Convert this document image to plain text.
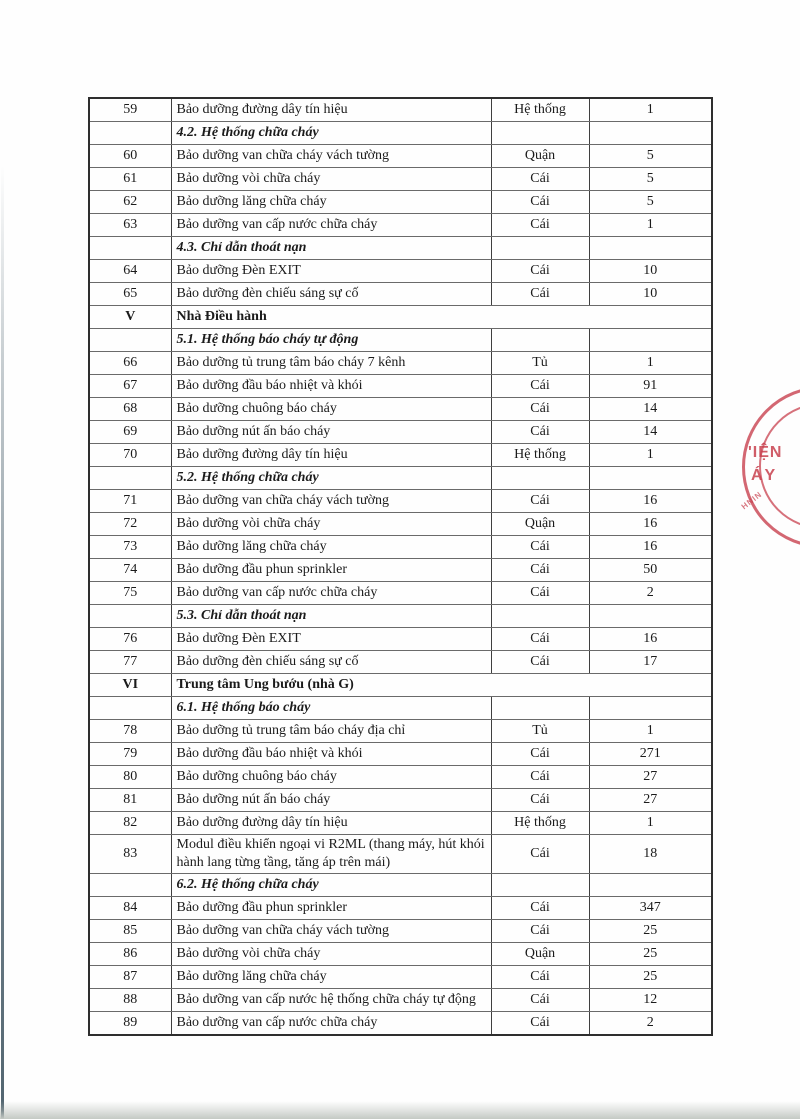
59	Bảo dưỡng đường dây tín hiệu	Hệ thống	1
	4.2. Hệ thống chữa cháy		
60	Bảo dưỡng van chữa cháy vách tường	Quận	5
61	Bảo dưỡng vòi chữa cháy	Cái	5
62	Bảo dưỡng lăng chữa cháy	Cái	5
63	Bảo dưỡng van cấp nước chữa cháy	Cái	1
	4.3. Chỉ dẫn thoát nạn		
64	Bảo dưỡng Đèn EXIT	Cái	10
65	Bảo dưỡng đèn chiếu sáng sự cố	Cái	10
V	Nhà Điều hành		
	5.1. Hệ thống báo cháy tự động		
66	Bảo dưỡng tủ trung tâm báo cháy 7 kênh	Tủ	1
67	Bảo dưỡng đầu báo nhiệt và khói	Cái	91
68	Bảo dưỡng chuông báo cháy	Cái	14
69	Bảo dưỡng nút ấn báo cháy	Cái	14
70	Bảo dưỡng đường dây tín hiệu	Hệ thống	1
	5.2. Hệ thống chữa cháy		
71	Bảo dưỡng van chữa cháy vách tường	Cái	16
72	Bảo dưỡng vòi chữa cháy	Quận	16
73	Bảo dưỡng lăng chữa cháy	Cái	16
74	Bảo dưỡng đầu phun sprinkler	Cái	50
75	Bảo dưỡng van cấp nước chữa cháy	Cái	2
	5.3. Chỉ dẫn thoát nạn		
76	Bảo dưỡng Đèn EXIT	Cái	16
77	Bảo dưỡng đèn chiếu sáng sự cố	Cái	17
VI	Trung tâm Ung bướu (nhà G)		
	6.1. Hệ thống báo cháy		
78	Bảo dưỡng tủ trung tâm báo cháy địa chỉ	Tủ	1
79	Bảo dưỡng đầu báo nhiệt và khói	Cái	271
80	Bảo dưỡng chuông báo cháy	Cái	27
81	Bảo dưỡng nút ấn báo cháy	Cái	27
82	Bảo dưỡng đường dây tín hiệu	Hệ thống	1
83	Modul điều khiển ngoại vi R2ML (thang máy, hút khói hành lang từng tầng, tăng áp trên mái)	Cái	18
	6.2. Hệ thống chữa cháy		
84	Bảo dưỡng đầu phun sprinkler	Cái	347
85	Bảo dưỡng van chữa cháy vách tường	Cái	25
86	Bảo dưỡng vòi chữa cháy	Quận	25
87	Bảo dưỡng lăng chữa cháy	Cái	25
88	Bảo dưỡng van cấp nước hệ thống chữa cháy tự động	Cái	12
89	Bảo dưỡng van cấp nước chữa cháy	Cái	2
'IỆN
ÁY
HNIN
